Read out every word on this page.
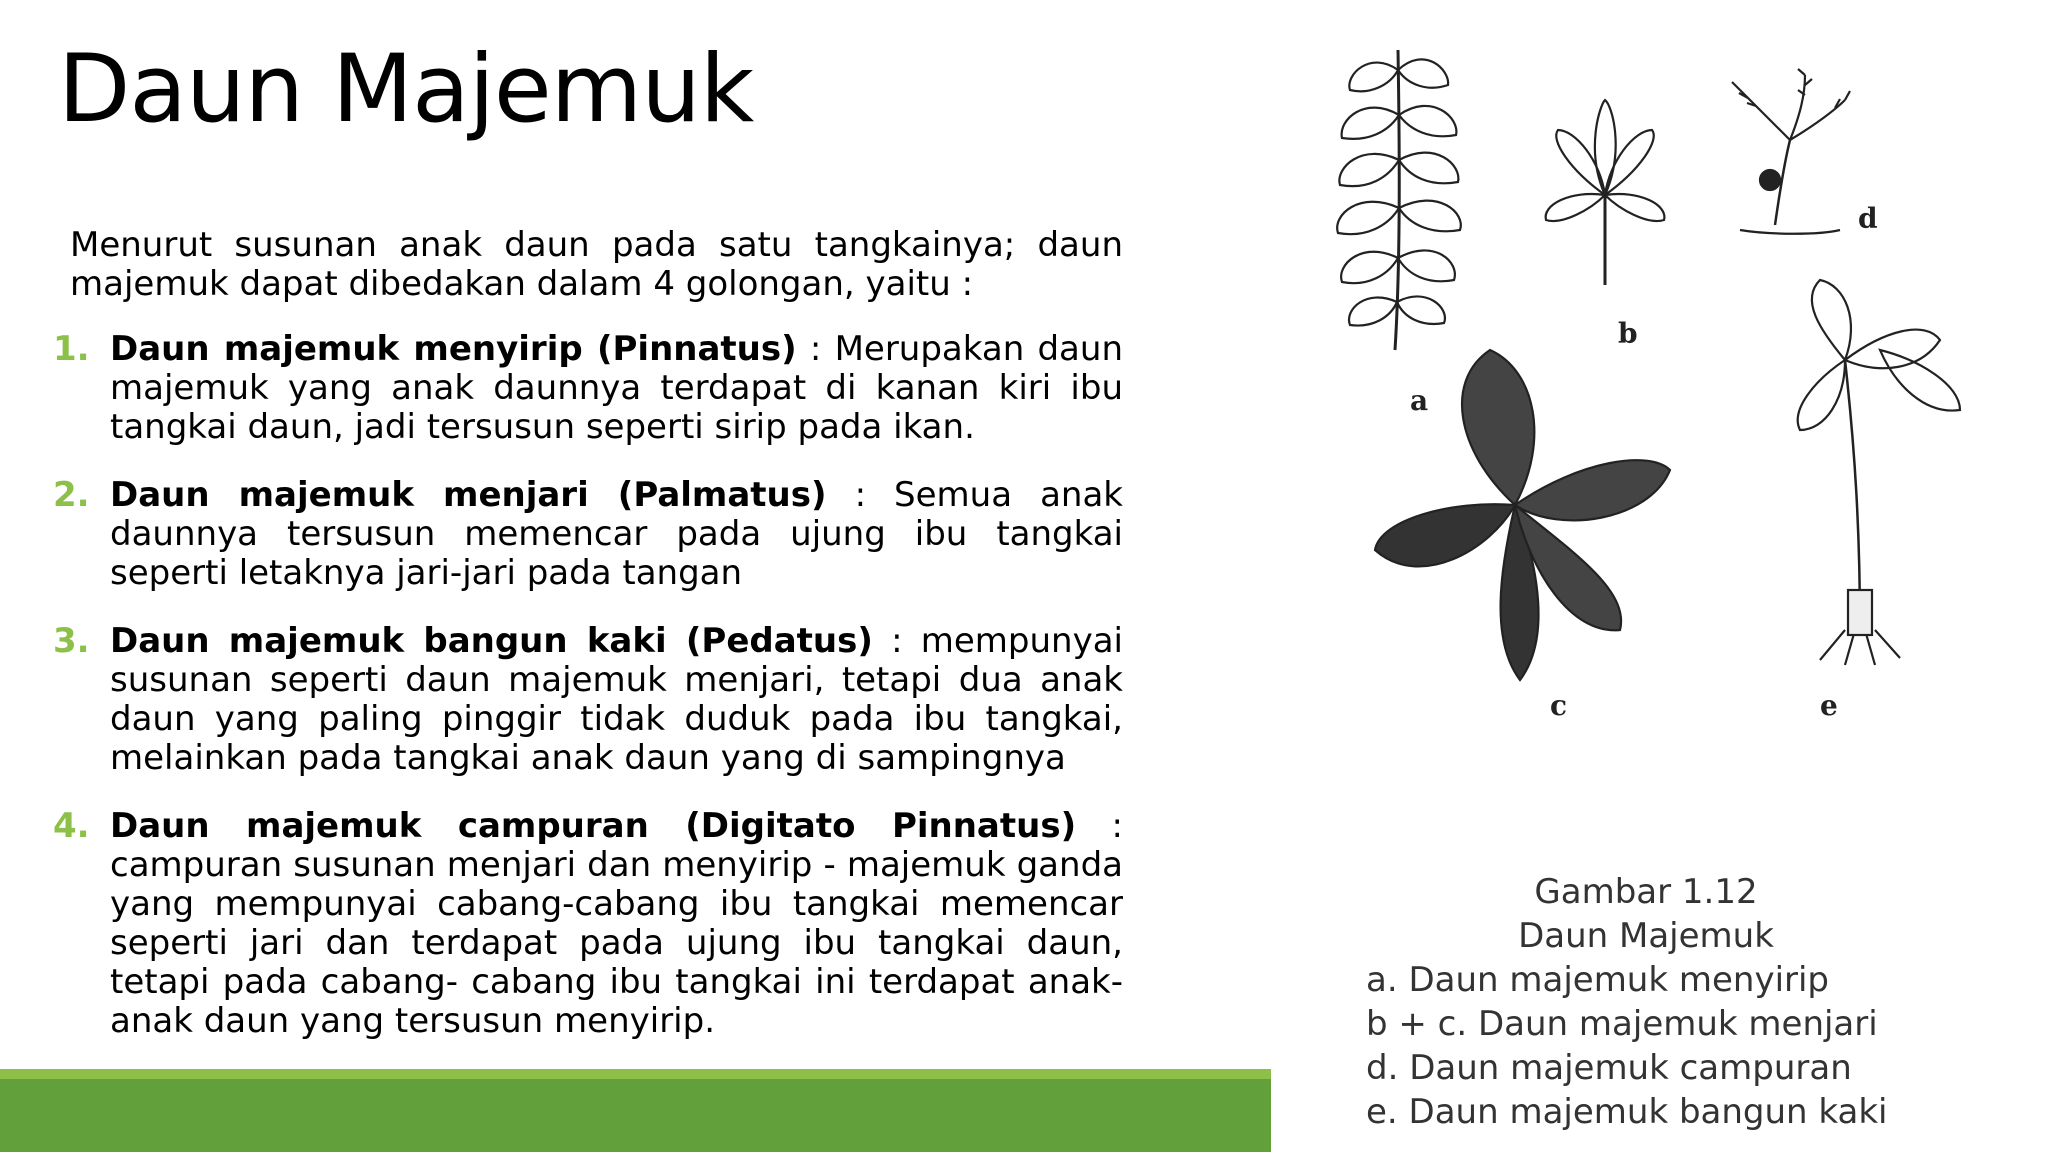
Daun Majemuk

Menurut susunan anak daun pada satu tangkainya; daun majemuk dapat dibedakan dalam 4 golongan, yaitu :

1. Daun majemuk menyirip (Pinnatus) : Merupakan daun majemuk yang anak daunnya terdapat di kanan kiri ibu tangkai daun, jadi tersusun seperti sirip pada ikan.
2. Daun majemuk menjari (Palmatus) : Semua anak daunnya tersusun memencar pada ujung ibu tangkai seperti letaknya jari-jari pada tangan
3. Daun majemuk bangun kaki (Pedatus) : mempunyai susunan seperti daun majemuk menjari, tetapi dua anak daun yang paling pinggir tidak duduk pada ibu tangkai, melainkan pada tangkai anak daun yang di sampingnya
4. Daun majemuk campuran (Digitato Pinnatus) : campuran susunan menjari dan menyirip - majemuk ganda yang mempunyai cabang-cabang ibu tangkai memencar seperti jari dan terdapat pada ujung ibu tangkai daun, tetapi pada cabang- cabang ibu tangkai ini terdapat anak-anak daun yang tersusun menyirip.
a
b
d
c	e
Gambar 1.12
Daun Majemuk
a. Daun majemuk menyirip
b + c. Daun majemuk menjari
d. Daun majemuk campuran
e. Daun majemuk bangun kaki
